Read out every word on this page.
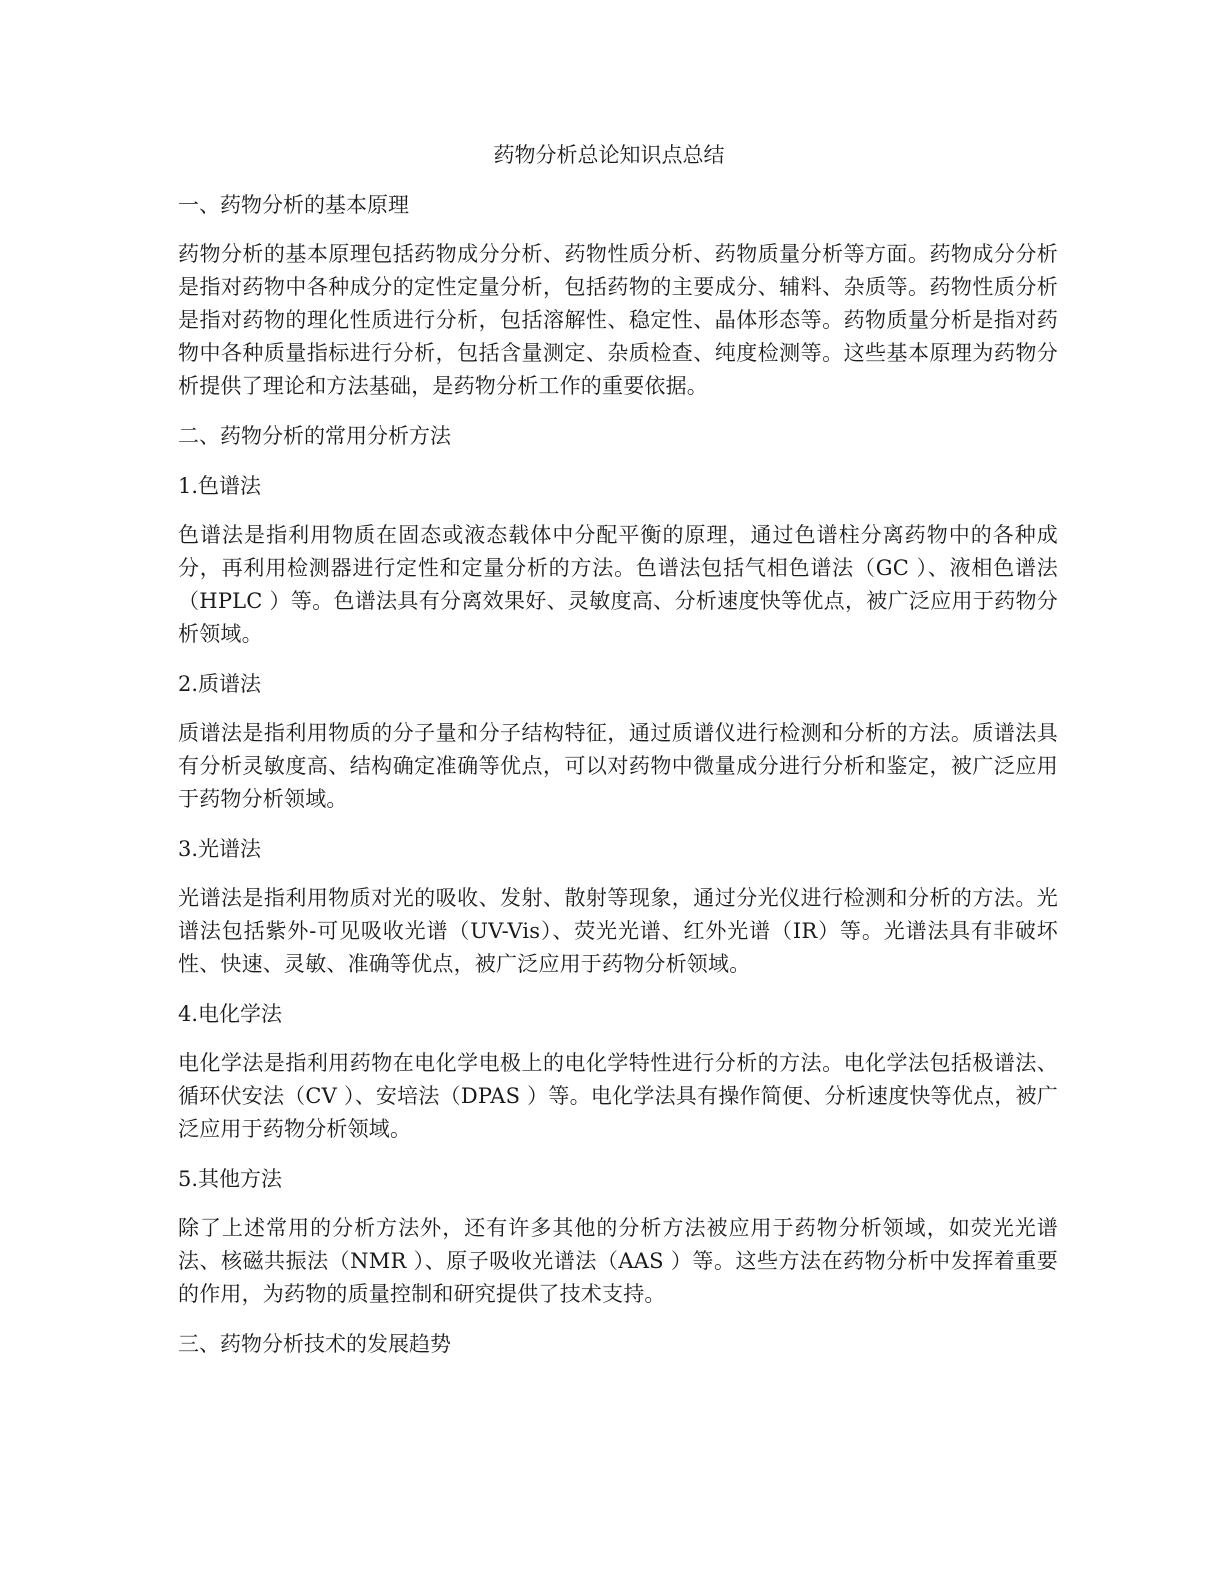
药物分析总论知识点总结
一、药物分析的基本原理

药物分析的基本原理包括药物成分分析、药物性质分析、药物质量分析等方面。药物成分分析是指对药物中各种成分的定性定量分析，包括药物的主要成分、辅料、杂质等。药物性质分析是指对药物的理化性质进行分析，包括溶解性、稳定性、晶体形态等。药物质量分析是指对药物中各种质量指标进行分析，包括含量测定、杂质检查、纯度检测等。这些基本原理为药物分析提供了理论和方法基础，是药物分析工作的重要依据。

二、药物分析的常用分析方法
1.色谱法

色谱法是指利用物质在固态或液态载体中分配平衡的原理，通过色谱柱分离药物中的各种成分，再利用检测器进行定性和定量分析的方法。色谱法包括气相色谱法（GC ）、液相色谱法（HPLC ）等。色谱法具有分离效果好、灵敏度高、分析速度快等优点，被广泛应用于药物分析领域。

2.质谱法

质谱法是指利用物质的分子量和分子结构特征，通过质谱仪进行检测和分析的方法。质谱法具有分析灵敏度高、结构确定准确等优点，可以对药物中微量成分进行分析和鉴定，被广泛应用于药物分析领域。

3.光谱法

光谱法是指利用物质对光的吸收、发射、散射等现象，通过分光仪进行检测和分析的方法。光谱法包括紫外-可见吸收光谱（UV-Vis）、荧光光谱、红外光谱（IR）等。光谱法具有非破坏性、快速、灵敏、准确等优点，被广泛应用于药物分析领域。

4.电化学法

电化学法是指利用药物在电化学电极上的电化学特性进行分析的方法。电化学法包括极谱法、循环伏安法（CV ）、安培法（DPAS ）等。电化学法具有操作简便、分析速度快等优点，被广泛应用于药物分析领域。

5.其他方法

除了上述常用的分析方法外，还有许多其他的分析方法被应用于药物分析领域，如荧光光谱法、核磁共振法（NMR ）、原子吸收光谱法（AAS ）等。这些方法在药物分析中发挥着重要的作用，为药物的质量控制和研究提供了技术支持。

三、药物分析技术的发展趋势
